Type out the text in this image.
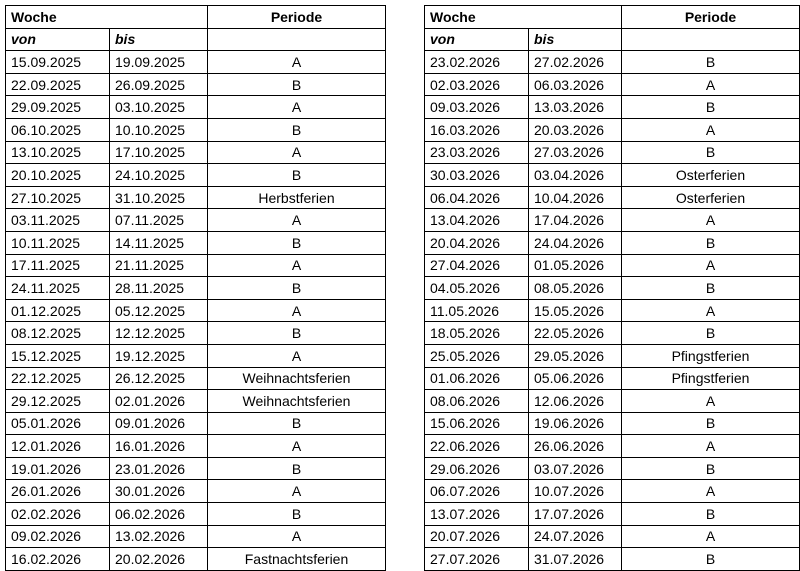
Woche		Periode
von	bis	
15.09.2025	19.09.2025	A
22.09.2025	26.09.2025	B
29.09.2025	03.10.2025	A
06.10.2025	10.10.2025	B
13.10.2025	17.10.2025	A
20.10.2025	24.10.2025	B
27.10.2025	31.10.2025	Herbstferien
03.11.2025	07.11.2025	A
10.11.2025	14.11.2025	B
17.11.2025	21.11.2025	A
24.11.2025	28.11.2025	B
01.12.2025	05.12.2025	A
08.12.2025	12.12.2025	B
15.12.2025	19.12.2025	A
22.12.2025	26.12.2025	Weihnachtsferien
29.12.2025	02.01.2026	Weihnachtsferien
05.01.2026	09.01.2026	B
12.01.2026	16.01.2026	A
19.01.2026	23.01.2026	B
26.01.2026	30.01.2026	A
02.02.2026	06.02.2026	B
09.02.2026	13.02.2026	A
16.02.2026	20.02.2026	Fastnachtsferien
Woche		Periode
von	bis	
23.02.2026	27.02.2026	B
02.03.2026	06.03.2026	A
09.03.2026	13.03.2026	B
16.03.2026	20.03.2026	A
23.03.2026	27.03.2026	B
30.03.2026	03.04.2026	Osterferien
06.04.2026	10.04.2026	Osterferien
13.04.2026	17.04.2026	A
20.04.2026	24.04.2026	B
27.04.2026	01.05.2026	A
04.05.2026	08.05.2026	B
11.05.2026	15.05.2026	A
18.05.2026	22.05.2026	B
25.05.2026	29.05.2026	Pfingstferien
01.06.2026	05.06.2026	Pfingstferien
08.06.2026	12.06.2026	A
15.06.2026	19.06.2026	B
22.06.2026	26.06.2026	A
29.06.2026	03.07.2026	B
06.07.2026	10.07.2026	A
13.07.2026	17.07.2026	B
20.07.2026	24.07.2026	A
27.07.2026	31.07.2026	B
